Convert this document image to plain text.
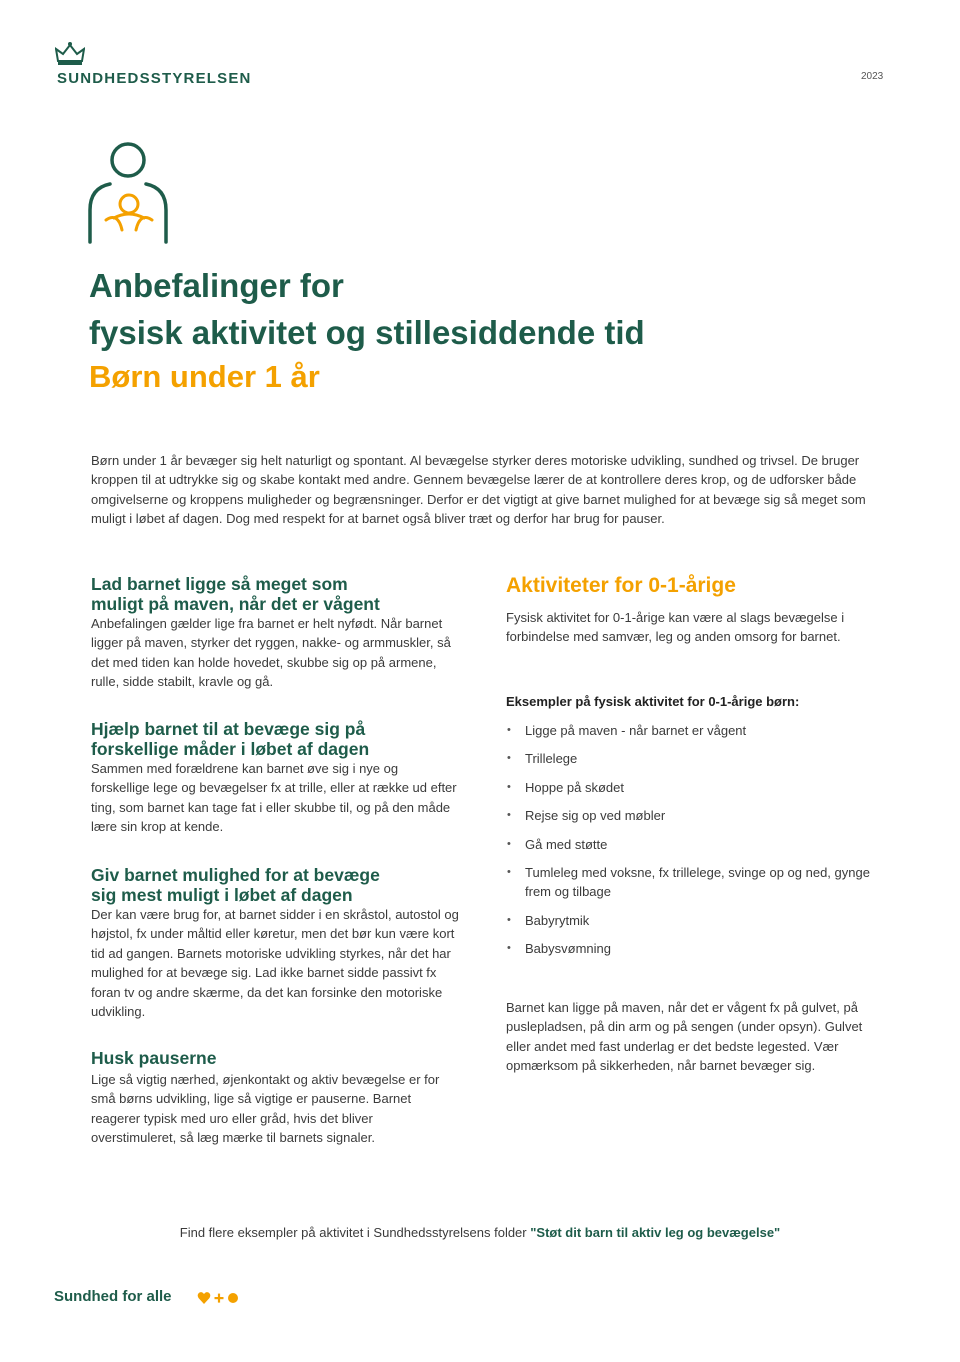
SUNDHEDSSTYRELSEN	2023
Anbefalinger for
fysisk aktivitet og stillesiddende tid
Børn under 1 år
Børn under 1 år bevæger sig helt naturligt og spontant. Al bevægelse styrker deres motoriske udvikling, sundhed og trivsel. De bruger kroppen til at udtrykke sig og skabe kontakt med andre. Gennem bevægelse lærer de at kontrollere deres krop, og de udforsker både omgivelserne og kroppens muligheder og begrænsninger. Derfor er det vigtigt at give barnet mulighed for at bevæge sig så meget som muligt i løbet af dagen. Dog med respekt for at barnet også bliver træt og derfor har brug for pauser.
Lad barnet ligge så meget som
muligt på maven, når det er vågent
Anbefalingen gælder lige fra barnet er helt nyfødt. Når barnet ligger på maven, styrker det ryggen, nakke- og armmuskler, så det med tiden kan holde hovedet, skubbe sig op på armene, rulle, sidde stabilt, kravle og gå.
Hjælp barnet til at bevæge sig på
forskellige måder i løbet af dagen
Sammen med forældrene kan barnet øve sig i nye og forskellige lege og bevægelser fx at trille, eller at række ud efter ting, som barnet kan tage fat i eller skubbe til, og på den måde lære sin krop at kende.
Giv barnet mulighed for at bevæge
sig mest muligt i løbet af dagen
Der kan være brug for, at barnet sidder i en skråstol, autostol og højstol, fx under måltid eller køretur, men det bør kun være kort tid ad gangen. Barnets motoriske udvikling styrkes, når det har mulighed for at bevæge sig. Lad ikke barnet sidde passivt fx foran tv og andre skærme, da det kan forsinke den motoriske udvikling.
Husk pauserne
Lige så vigtig nærhed, øjenkontakt og aktiv bevægelse er for små børns udvikling, lige så vigtige er pauserne. Barnet reagerer typisk med uro eller gråd, hvis det bliver overstimuleret, så læg mærke til barnets signaler.
Aktiviteter for 0-1-årige
Fysisk aktivitet for 0-1-årige kan være al slags bevægelse i forbindelse med samvær, leg og anden omsorg for barnet.
Eksempler på fysisk aktivitet for 0-1-årige børn:
• Ligge på maven - når barnet er vågent
• Trillelege
• Hoppe på skødet
• Rejse sig op ved møbler
• Gå med støtte
• Tumleleg med voksne, fx trillelege, svinge op og ned, gynge frem og tilbage
• Babyrytmik
• Babysvømning
Barnet kan ligge på maven, når det er vågent fx på gulvet, på puslepladsen, på din arm og på sengen (under opsyn). Gulvet eller andet med fast underlag er det bedste legested. Vær opmærksom på sikkerheden, når barnet bevæger sig.
Find flere eksempler på aktivitet i Sundhedsstyrelsens folder "Støt dit barn til aktiv leg og bevægelse"
Sundhed for alle
